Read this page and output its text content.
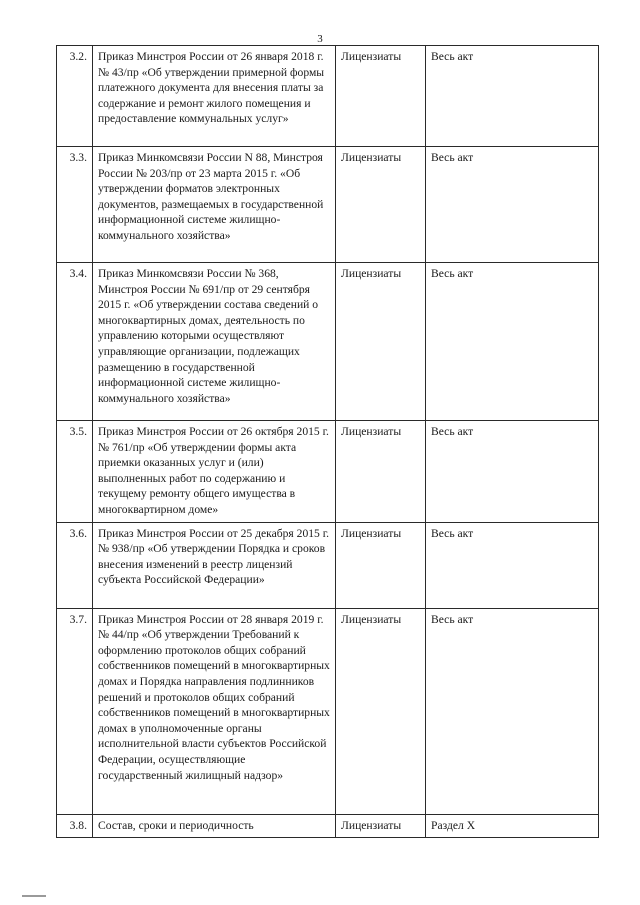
3
3.2.	Приказ Минстроя России от 26 января 2018 г. № 43/пр «Об утверждении примерной формы платежного документа для внесения платы за содержание и ремонт жилого помещения и предоставление коммунальных услуг»	Лицензиаты	Весь акт
3.3.	Приказ Минкомсвязи России N 88, Минстроя России № 203/пр от 23 марта 2015 г. «Об утверждении форматов электронных документов, размещаемых в государственной информационной системе жилищно-коммунального хозяйства»	Лицензиаты	Весь акт
3.4.	Приказ Минкомсвязи России № 368, Минстроя России № 691/пр от 29 сентября 2015 г. «Об утверждении состава сведений о многоквартирных домах, деятельность по управлению которыми осуществляют управляющие организации, подлежащих размещению в государственной информационной системе жилищно-коммунального хозяйства»	Лицензиаты	Весь акт
3.5.	Приказ Минстроя России от 26 октября 2015 г. № 761/пр «Об утверждении формы акта приемки оказанных услуг и (или) выполненных работ по содержанию и текущему ремонту общего имущества в многоквартирном доме»	Лицензиаты	Весь акт
3.6.	Приказ Минстроя России от 25 декабря 2015 г. № 938/пр «Об утверждении Порядка и сроков внесения изменений в реестр лицензий субъекта Российской Федерации»	Лицензиаты	Весь акт
3.7.	Приказ Минстроя России от 28 января 2019 г. № 44/пр «Об утверждении Требований к оформлению протоколов общих собраний собственников помещений в многоквартирных домах и Порядка направления подлинников решений и протоколов общих собраний собственников помещений в многоквартирных домах в уполномоченные органы исполнительной власти субъектов Российской Федерации, осуществляющие государственный жилищный надзор»	Лицензиаты	Весь акт
3.8.	Состав, сроки и периодичность	Лицензиаты	Раздел Х
